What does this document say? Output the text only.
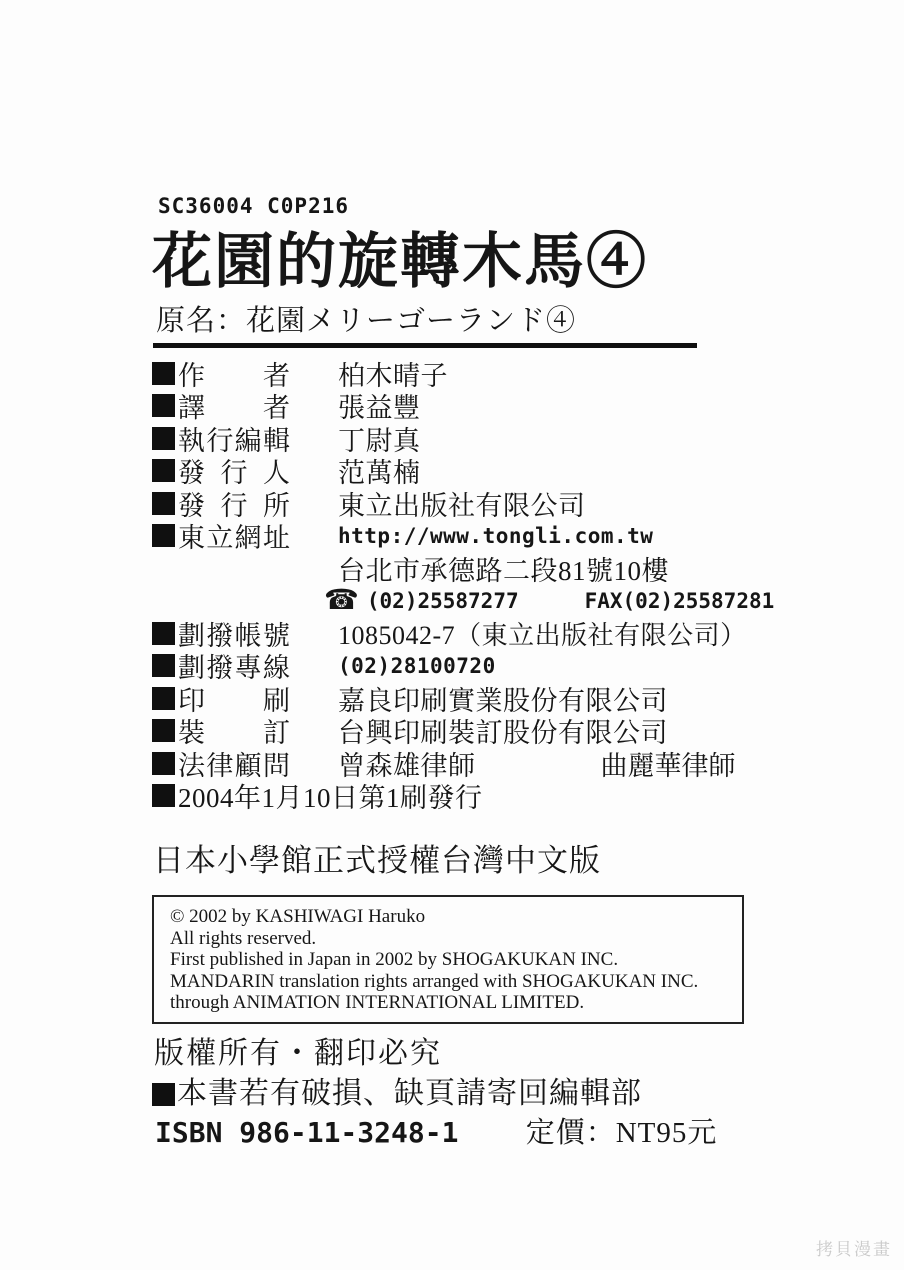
SC36004 C0P216
花園的旋轉木馬④
原名：花園メリーゴーランド④
作者 柏木晴子
譯者 張益豐
執行編輯 丁尉真
發行人 范萬楠
發行所 東立出版社有限公司
東立網址 http://www.tongli.com.tw
台北市承德路二段81號10樓
☎ (02)25587277	FAX(02)25587281
劃撥帳號 1085042-7（東立出版社有限公司）
劃撥專線 (02)28100720
印刷 嘉良印刷實業股份有限公司
裝訂 台興印刷裝訂股份有限公司
法律顧問 曾森雄律師	曲麗華律師
2004年1月10日第1刷發行
日本小學館正式授權台灣中文版
© 2002 by KASHIWAGI Haruko
All rights reserved.
First published in Japan in 2002 by SHOGAKUKAN INC.
MANDARIN translation rights arranged with SHOGAKUKAN INC.
through ANIMATION INTERNATIONAL LIMITED.
版權所有・翻印必究
本書若有破損、缺頁請寄回編輯部
ISBN 986-11-3248-1 定價：NT95元
拷貝漫畫
